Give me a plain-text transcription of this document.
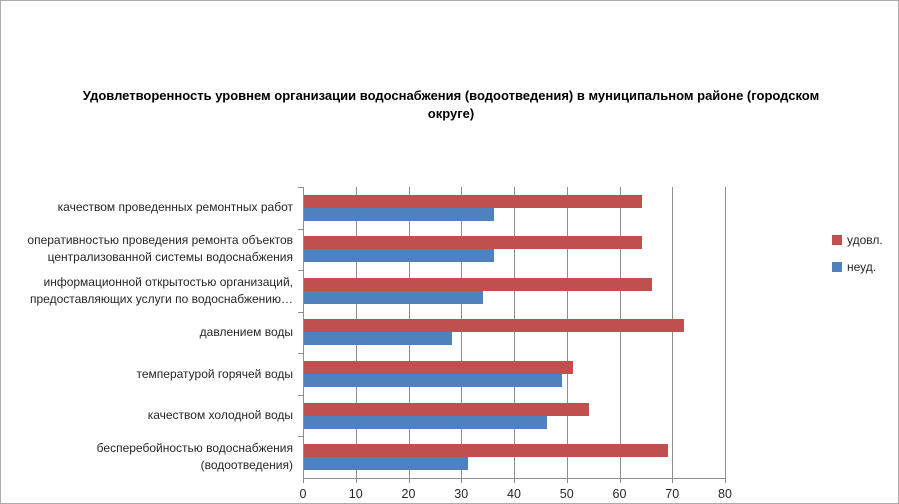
Удовлетворенность уровнем организации водоснабжения (водоотведения) в муниципальном районе (городском округе)
качеством проведенных ремонтных работ
оперативностью проведения ремонта объектов централизованной системы водоснабжения
информационной открытостью организаций, предоставляющих услуги по водоснабжению…
давлением воды
температурой горячей воды
качеством холодной воды
бесперебойностью водоснабжения (водоотведения)
0	10	20	30	40	50	60	70	80
удовл.
неуд.
